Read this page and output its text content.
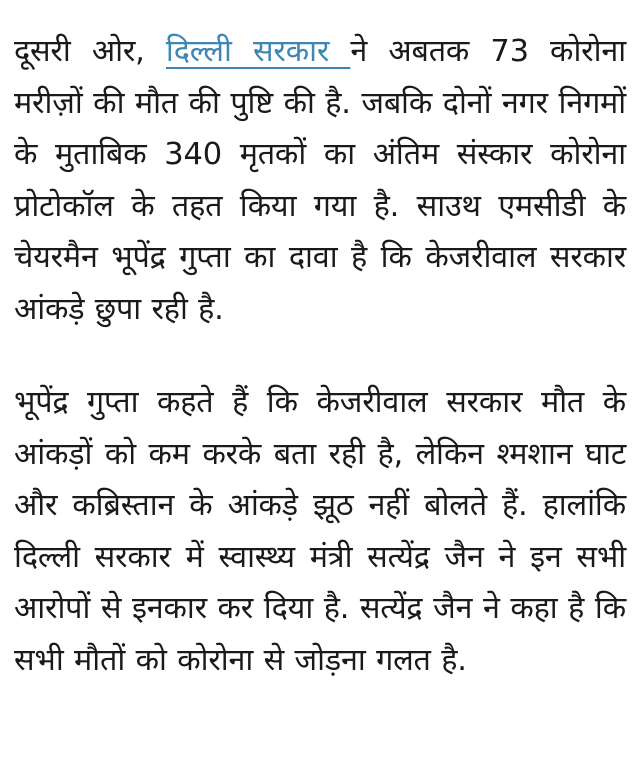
दूसरी ओर, दिल्ली सरकार ने अबतक 73 कोरोना मरीज़ों की मौत की पुष्टि की है. जबकि दोनों नगर निगमों के मुताबिक 340 मृतकों का अंतिम संस्कार कोरोना प्रोटोकॉल के तहत किया गया है. साउथ एमसीडी के चेयरमैन भूपेंद्र गुप्ता का दावा है कि केजरीवाल सरकार आंकड़े छुपा रही है.

भूपेंद्र गुप्ता कहते हैं कि केजरीवाल सरकार मौत के आंकड़ों को कम करके बता रही है, लेकिन श्मशान घाट और कब्रिस्तान के आंकड़े झूठ नहीं बोलते हैं. हालांकि दिल्ली सरकार में स्वास्थ्य मंत्री सत्येंद्र जैन ने इन सभी आरोपों से इनकार कर दिया है. सत्येंद्र जैन ने कहा है कि सभी मौतों को कोरोना से जोड़ना गलत है.
